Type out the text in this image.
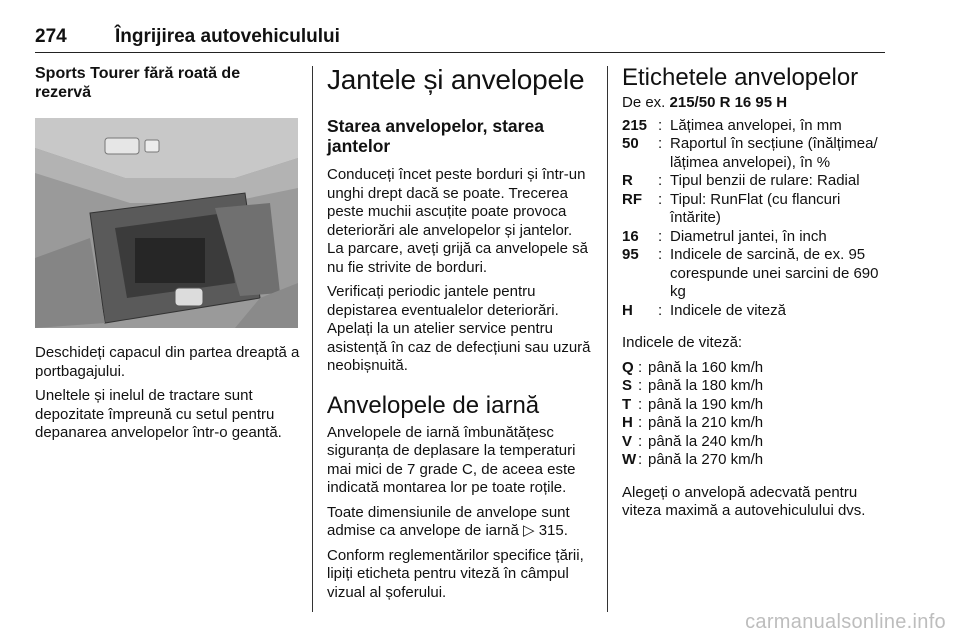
274	Îngrijirea autovehiculului
Sports Tourer fără roată de rezervă

Deschideți capacul din partea dreaptă a portbagajului.

Uneltele și inelul de tractare sunt depozitate împreună cu setul pentru depanarea anvelopelor într-o geantă.

Jantele și anvelopele
Starea anvelopelor, starea jantelor

Conduceți încet peste borduri și într-un unghi drept dacă se poate. Trecerea peste muchii ascuțite poate provoca deteriorări ale anvelopelor și jantelor. La parcare, aveți grijă ca anvelopele să nu fie strivite de borduri.

Verificați periodic jantele pentru depistarea eventualelor deteriorări. Apelați la un atelier service pentru asistență în caz de defecțiuni sau uzură neobișnuită.

Anvelopele de iarnă

Anvelopele de iarnă îmbunătățesc siguranța de deplasare la temperaturi mai mici de 7 grade C, de aceea este indicată montarea lor pe toate roțile.

Toate dimensiunile de anvelope sunt admise ca anvelope de iarnă ▷ 315.

Conform reglementărilor specifice țării, lipiți eticheta pentru viteză în câmpul vizual al șoferului.

Etichetele anvelopelor

De ex. 215/50 R 16 95 H

215 : Lățimea anvelopei, în mm
50	: Raportul în secțiune (înălțimea/ lățimea anvelopei), în %
R	: Tipul benzii de rulare: Radial
RF	: Tipul: RunFlat (cu flancuri întărite)
16	: Diametrul jantei, în inch
95	: Indicele de sarcină, de ex. 95 corespunde unei sarcini de 690 kg
H	: Indicele de viteză

Indicele de viteză:

Q : până la 160 km/h
S : până la 180 km/h
T : până la 190 km/h
H : până la 210 km/h
V : până la 240 km/h
W : până la 270 km/h

Alegeți o anvelopă adecvată pentru viteza maximă a autovehiculului dvs.

carmanualsonline.info
